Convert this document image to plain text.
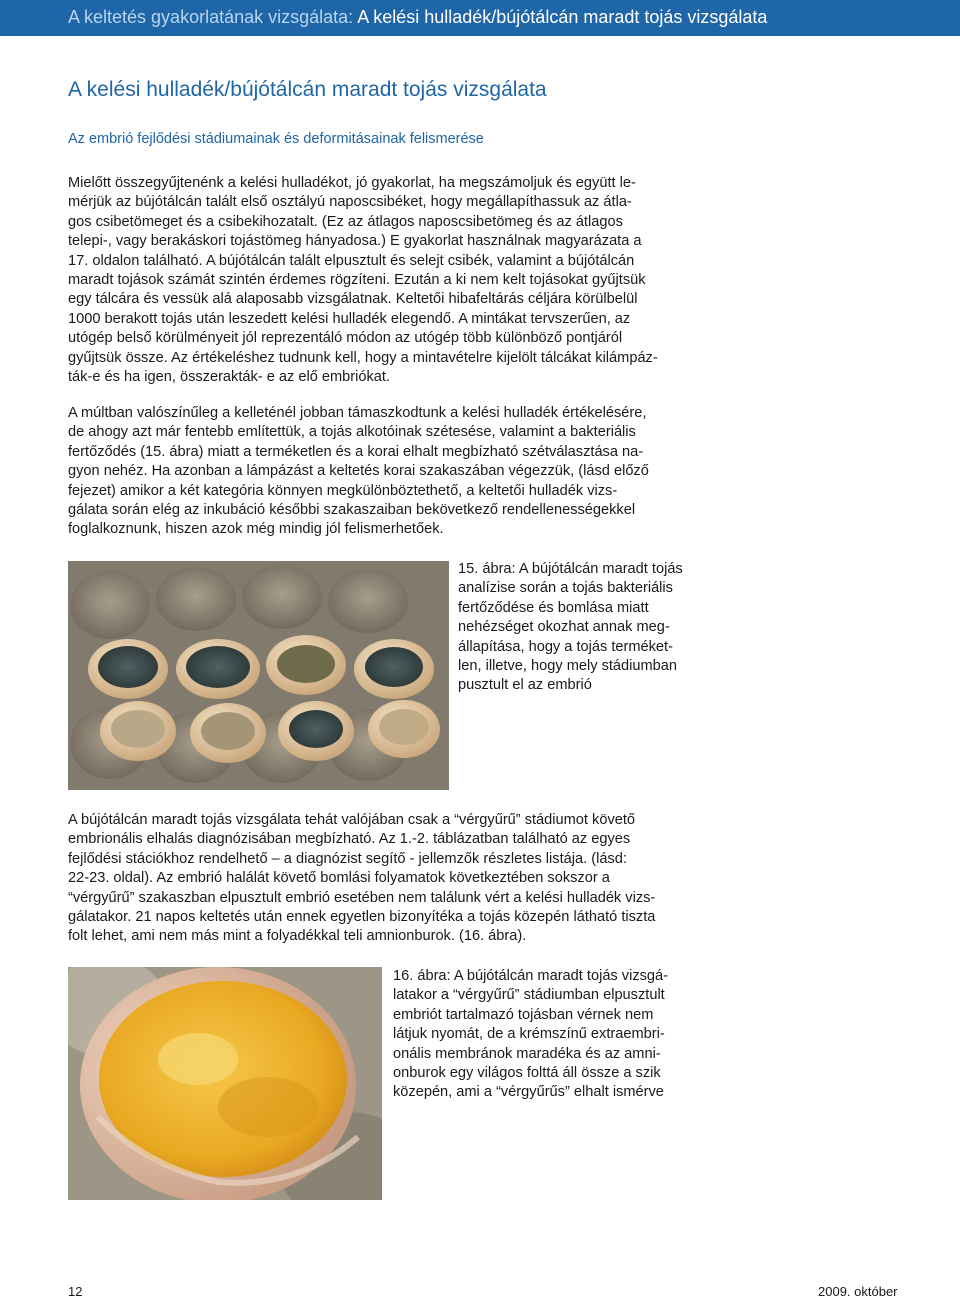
A keltetés gyakorlatának vizsgálata: A kelési hulladék/bújótálcán maradt tojás vizsgálata
A kelési hulladék/bújótálcán maradt tojás vizsgálata
Az embrió fejlődési stádiumainak és deformitásainak felismerése

Mielőtt összegyűjtenénk a kelési hulladékot, jó gyakorlat, ha megszámoljuk és együtt le-
mérjük az bújótálcán talált első osztályú naposcsibéket, hogy megállapíthassuk az átla-
gos csibetömeget és a csibekihozatalt. (Ez az átlagos naposcsibetömeg és az átlagos
telepi-, vagy berakáskori tojástömeg hányadosa.) E gyakorlat használnak magyarázata a
17. oldalon található. A bújótálcán talált elpusztult és selejt csibék, valamint a bújótálcán
maradt tojások számát szintén érdemes rögzíteni. Ezután a ki nem kelt tojásokat gyűjtsük
egy tálcára és vessük alá alaposabb vizsgálatnak. Keltetői hibafeltárás céljára körülbelül
1000 berakott tojás után leszedett kelési hulladék elegendő. A mintákat tervszerűen, az
utógép belső körülményeit jól reprezentáló módon az utógép több különböző pontjáról
gyűjtsük össze. Az értékeléshez tudnunk kell, hogy a mintavételre kijelölt tálcákat kilámpáz-
ták-e és ha igen, összerakták- e az elő embriókat.

A múltban valószínűleg a kelleténél jobban támaszkodtunk a kelési hulladék értékelésére,
de ahogy azt már fentebb említettük, a tojás alkotóinak szétesése, valamint a bakteriális
fertőződés (15. ábra) miatt a terméketlen és a korai elhalt megbízható szétválasztása na-
gyon nehéz. Ha azonban a lámpázást a keltetés korai szakaszában végezzük, (lásd előző
fejezet) amikor a két kategória könnyen megkülönböztethető, a keltetői hulladék vizs-
gálata során elég az inkubáció későbbi szakaszaiban bekövetkező rendellenességekkel
foglalkoznunk, hiszen azok még mindig jól felismerhetőek.

15. ábra: A bújótálcán maradt tojás
analízise során a tojás bakteriális
fertőződése és bomlása miatt
nehézséget okozhat annak meg-
állapítása, hogy a tojás terméket-
len, illetve, hogy mely stádiumban
pusztult el az embrió

A bújótálcán maradt tojás vizsgálata tehát valójában csak a “vérgyűrű” stádiumot követő
embrionális elhalás diagnózisában megbízható. Az 1.-2. táblázatban található az egyes
fejlődési stációkhoz rendelhető – a diagnózist segítő - jellemzők részletes listája. (lásd:
22-23. oldal). Az embrió halálát követő bomlási folyamatok következtében sokszor a
“vérgyűrű” szakaszban elpusztult embrió esetében nem találunk vért a kelési hulladék vizs-
gálatakor. 21 napos keltetés után ennek egyetlen bizonyítéka a tojás közepén látható tiszta
folt lehet, ami nem más mint a folyadékkal teli amnionburok. (16. ábra).

16. ábra: A bújótálcán maradt tojás vizsgá-
latakor a “vérgyűrű” stádiumban elpusztult
embriót tartalmazó tojásban vérnek nem
látjuk nyomát, de a krémszínű extraembri-
onális membránok maradéka és az amni-
onburok egy világos folttá áll össze a szik
közepén, ami a “vérgyűrűs” elhalt ismérve
12	2009. október
